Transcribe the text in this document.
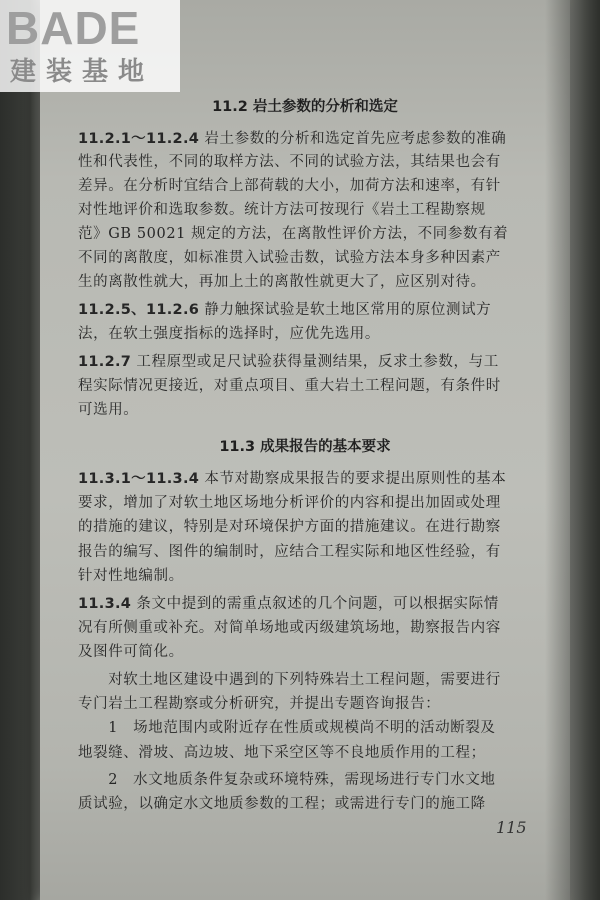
BADE
建装基地
11.2 岩土参数的分析和选定
11.2.1～11.2.4 岩土参数的分析和选定首先应考虑参数的准确
性和代表性，不同的取样方法、不同的试验方法，其结果也会有
差异。在分析时宜结合上部荷载的大小，加荷方法和速率，有针
对性地评价和选取参数。统计方法可按现行《岩土工程勘察规
范》GB 50021 规定的方法，在离散性评价方法，不同参数有着
不同的离散度，如标准贯入试验击数，试验方法本身多种因素产
生的离散性就大，再加上土的离散性就更大了，应区别对待。
11.2.5、11.2.6 静力触探试验是软土地区常用的原位测试方
法，在软土强度指标的选择时，应优先选用。
11.2.7 工程原型或足尺试验获得量测结果，反求土参数，与工
程实际情况更接近，对重点项目、重大岩土工程问题，有条件时
可选用。
11.3.1～11.3.4 本节对勘察成果报告的要求提出原则性的基本
要求，增加了对软土地区场地分析评价的内容和提出加固或处理
的措施的建议，特别是对环境保护方面的措施建议。在进行勘察
报告的编写、图件的编制时，应结合工程实际和地区性经验，有
针对性地编制。
11.3.4 条文中提到的需重点叙述的几个问题，可以根据实际情
况有所侧重或补充。对简单场地或丙级建筑场地，勘察报告内容
及图件可简化。
　　对软土地区建设中遇到的下列特殊岩土工程问题，需要进行
专门岩土工程勘察或分析研究，并提出专题咨询报告：
　　1　场地范围内或附近存在性质或规模尚不明的活动断裂及
地裂缝、滑坡、高边坡、地下采空区等不良地质作用的工程；
　　2　水文地质条件复杂或环境特殊，需现场进行专门水文地
质试验，以确定水文地质参数的工程；或需进行专门的施工降
11.3 成果报告的基本要求
115
